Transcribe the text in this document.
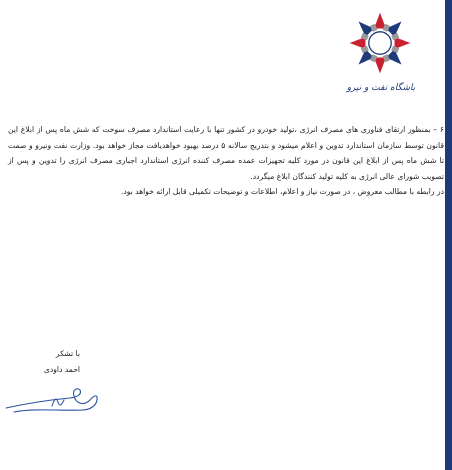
باشگاه نفت و نیرو

۶ – بمنظور ارتقای فناوری های مصرف انرژی ،تولید خودرو در کشور تنها با رعایت استاندارد مصرف سوخت که شش ماه پس از ابلاغ این قانون توسط سازمان استاندارد تدوین و اعلام میشود و بتدریج سالانه ۵ درصد بهبود خواهدیافت مجاز خواهد بود. وزارت نفت ونیرو و صمت تا شش ماه پس از ابلاغ این قانون در مورد کلیه تجهیزات عمده مصرف کننده انرژی استاندارد اجباری مصرف انرژی را تدوین و پس از تصویب شورای عالی انرژی به کلیه تولید کنندگان ابلاغ میگردد.

در رابطه با مطالب معروض ، در صورت نیاز و اعلام، اطلاعات و توضیحات تکمیلی قابل ارائه خواهد بود.

با تشکر
احمد داودی
